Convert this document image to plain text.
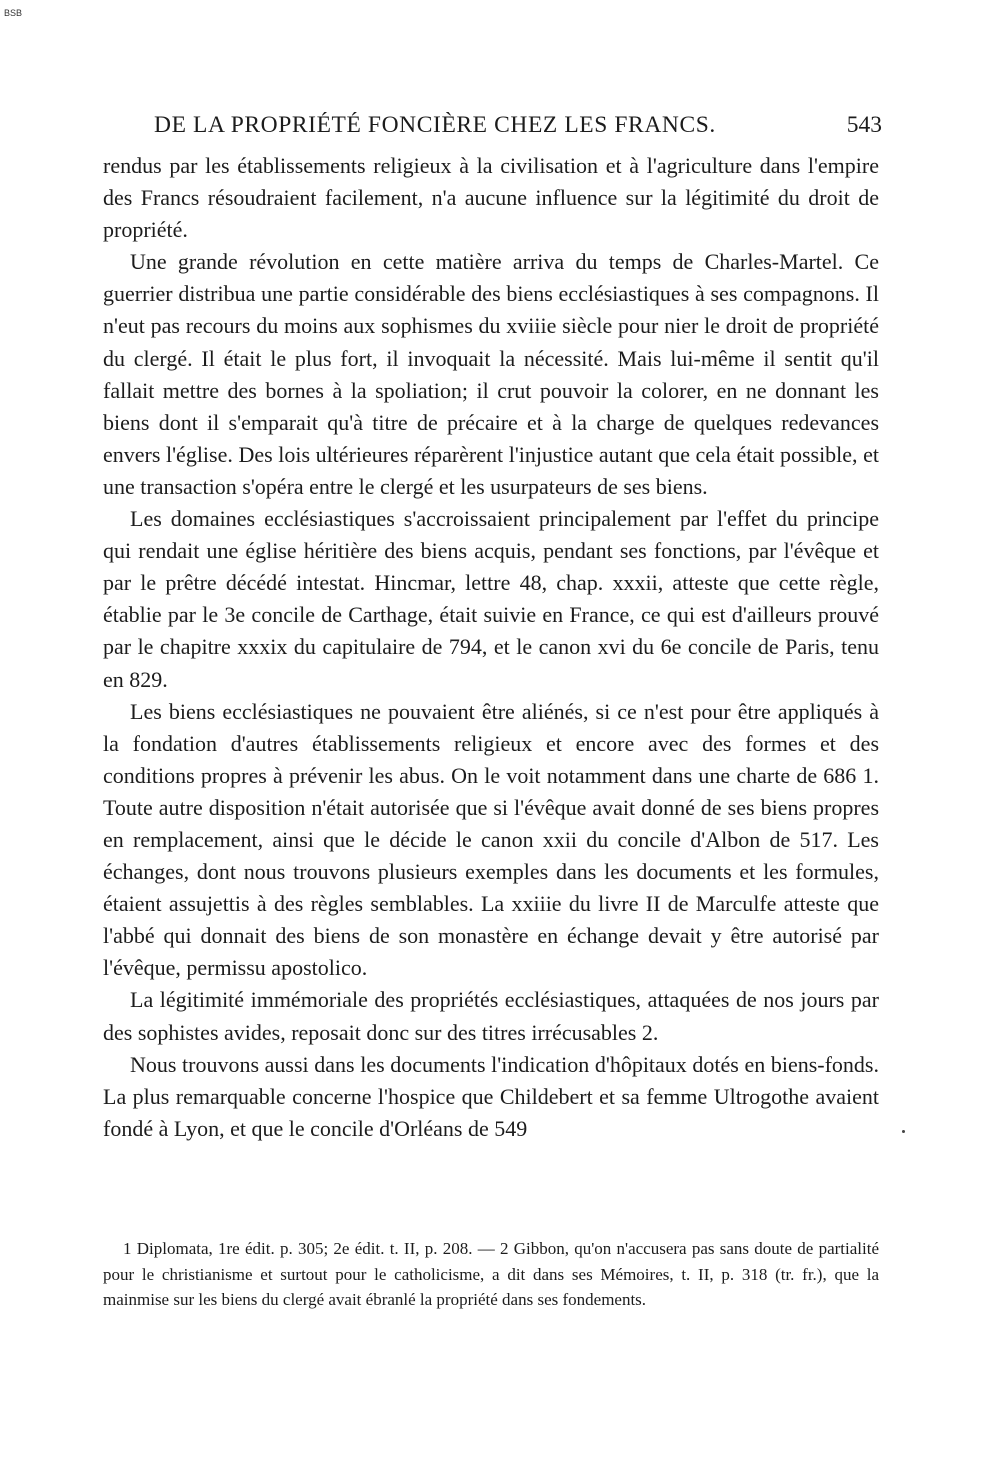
BSB
DE LA PROPRIÉTÉ FONCIÈRE CHEZ LES FRANCS.	543

rendus par les établissements religieux à la civilisation et à l'agriculture dans l'empire des Francs résoudraient facilement, n'a aucune influence sur la légitimité du droit de propriété.

Une grande révolution en cette matière arriva du temps de Charles-Martel. Ce guerrier distribua une partie considérable des biens ecclésiastiques à ses compagnons. Il n'eut pas recours du moins aux sophismes du xviiie siècle pour nier le droit de propriété du clergé. Il était le plus fort, il invoquait la nécessité. Mais lui-même il sentit qu'il fallait mettre des bornes à la spoliation; il crut pouvoir la colorer, en ne donnant les biens dont il s'emparait qu'à titre de précaire et à la charge de quelques redevances envers l'église. Des lois ultérieures réparèrent l'injustice autant que cela était possible, et une transaction s'opéra entre le clergé et les usurpateurs de ses biens.

Les domaines ecclésiastiques s'accroissaient principalement par l'effet du principe qui rendait une église héritière des biens acquis, pendant ses fonctions, par l'évêque et par le prêtre décédé intestat. Hincmar, lettre 48, chap. xxxii, atteste que cette règle, établie par le 3e concile de Carthage, était suivie en France, ce qui est d'ailleurs prouvé par le chapitre xxxix du capitulaire de 794, et le canon xvi du 6e concile de Paris, tenu en 829.

Les biens ecclésiastiques ne pouvaient être aliénés, si ce n'est pour être appliqués à la fondation d'autres établissements religieux et encore avec des formes et des conditions propres à prévenir les abus. On le voit notamment dans une charte de 686 1. Toute autre disposition n'était autorisée que si l'évêque avait donné de ses biens propres en remplacement, ainsi que le décide le canon xxii du concile d'Albon de 517. Les échanges, dont nous trouvons plusieurs exemples dans les documents et les formules, étaient assujettis à des règles semblables. La xxiiie du livre II de Marculfe atteste que l'abbé qui donnait des biens de son monastère en échange devait y être autorisé par l'évêque, permissu apostolico.

La légitimité immémoriale des propriétés ecclésiastiques, attaquées de nos jours par des sophistes avides, reposait donc sur des titres irrécusables 2.

Nous trouvons aussi dans les documents l'indication d'hôpitaux dotés en biens-fonds. La plus remarquable concerne l'hospice que Childebert et sa femme Ultrogothe avaient fondé à Lyon, et que le concile d'Orléans de 549

1 Diplomata, 1re édit. p. 305; 2e édit. t. II, p. 208. — 2 Gibbon, qu'on n'accusera pas sans doute de partialité pour le christianisme et surtout pour le catholicisme, a dit dans ses Mémoires, t. II, p. 318 (tr. fr.), que la mainmise sur les biens du clergé avait ébranlé la propriété dans ses fondements.
